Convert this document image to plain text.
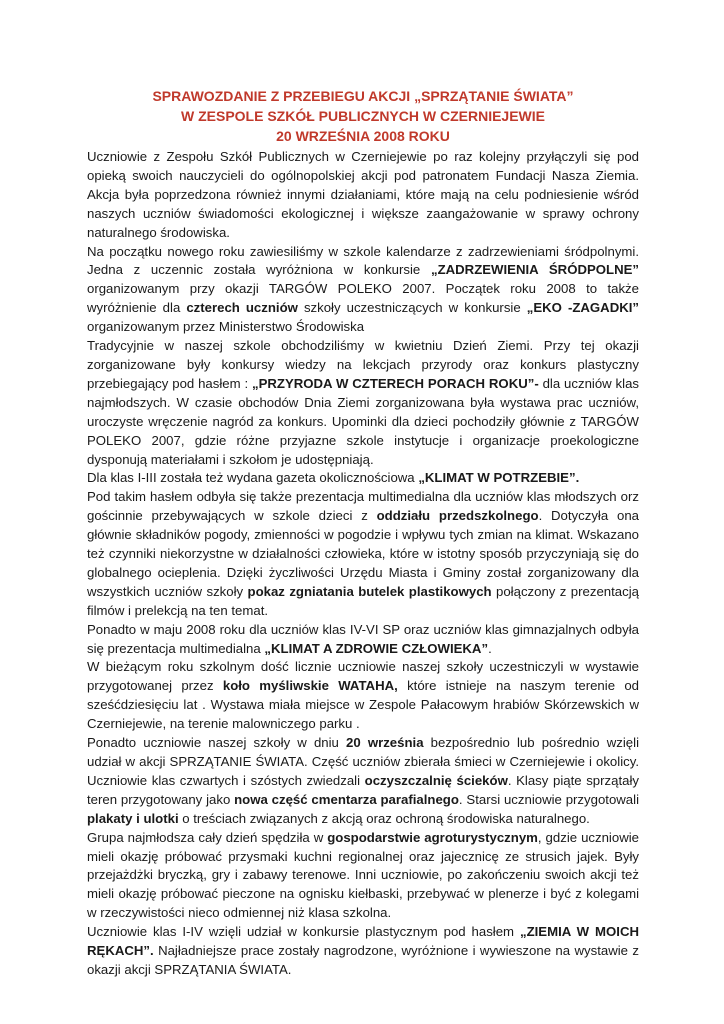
SPRAWOZDANIE Z PRZEBIEGU AKCJI „SPRZĄTANIE ŚWIATA”
W ZESPOLE SZKÓŁ PUBLICZNYCH W CZERNIEJEWIE
20 WRZEŚNIA 2008 ROKU

Uczniowie z Zespołu Szkół Publicznych w Czerniejewie po raz kolejny przyłączyli się pod opieką swoich nauczycieli do ogólnopolskiej akcji pod patronatem Fundacji Nasza Ziemia. Akcja była poprzedzona również innymi działaniami, które mają na celu podniesienie wśród naszych uczniów świadomości ekologicznej i większe zaangażowanie w sprawy ochrony naturalnego środowiska.

Na początku nowego roku zawiesiliśmy w szkole kalendarze z zadrzewieniami śródpolnymi. Jedna z uczennic została wyróżniona w konkursie „ZADRZEWIENIA ŚRÓDPOLNE” organizowanym przy okazji TARGÓW POLEKO 2007. Początek roku 2008 to także wyróżnienie dla czterech uczniów szkoły uczestniczących w konkursie „EKO -ZAGADKI” organizowanym przez Ministerstwo Środowiska

Tradycyjnie w naszej szkole obchodziliśmy w kwietniu Dzień Ziemi. Przy tej okazji zorganizowane były konkursy wiedzy na lekcjach przyrody oraz konkurs plastyczny przebiegający pod hasłem : „PRZYRODA W CZTERECH PORACH ROKU”- dla uczniów klas najmłodszych. W czasie obchodów Dnia Ziemi zorganizowana była wystawa prac uczniów, uroczyste wręczenie nagród za konkurs. Upominki dla dzieci pochodziły głównie z TARGÓW POLEKO 2007, gdzie różne przyjazne szkole instytucje i organizacje proekologiczne dysponują materiałami i szkołom je udostępniają.

Dla klas I-III została też wydana gazeta okolicznościowa „KLIMAT W POTRZEBIE”.

Pod takim hasłem odbyła się także prezentacja multimedialna dla uczniów klas młodszych orz gościnnie przebywających w szkole dzieci z oddziału przedszkolnego. Dotyczyła ona głównie składników pogody, zmienności w pogodzie i wpływu tych zmian na klimat. Wskazano też czynniki niekorzystne w działalności człowieka, które w istotny sposób przyczyniają się do globalnego ocieplenia. Dzięki życzliwości Urzędu Miasta i Gminy został zorganizowany dla wszystkich uczniów szkoły pokaz zgniatania butelek plastikowych połączony z prezentacją filmów i prelekcją na ten temat.

Ponadto w maju 2008 roku dla uczniów klas IV-VI SP oraz uczniów klas gimnazjalnych odbyła się prezentacja multimedialna „KLIMAT A ZDROWIE CZŁOWIEKA”.

W bieżącym roku szkolnym dość licznie uczniowie naszej szkoły uczestniczyli w wystawie przygotowanej przez koło myśliwskie WATAHA, które istnieje na naszym terenie od sześćdziesięciu lat . Wystawa miała miejsce w Zespole Pałacowym hrabiów Skórzewskich w Czerniejewie, na terenie malowniczego parku .

Ponadto uczniowie naszej szkoły w dniu 20 września bezpośrednio lub pośrednio wzięli udział w akcji SPRZĄTANIE ŚWIATA. Część uczniów zbierała śmieci w Czerniejewie i okolicy. Uczniowie klas czwartych i szóstych zwiedzali oczyszczalnię ścieków. Klasy piąte sprzątały teren przygotowany jako nowa część cmentarza parafialnego. Starsi uczniowie przygotowali plakaty i ulotki o treściach związanych z akcją oraz ochroną środowiska naturalnego.

Grupa najmłodsza cały dzień spędziła w gospodarstwie agroturystycznym, gdzie uczniowie mieli okazję próbować przysmaki kuchni regionalnej oraz jajecznicę ze strusich jajek. Były przejażdżki bryczką, gry i zabawy terenowe. Inni uczniowie, po zakończeniu swoich akcji też mieli okazję próbować pieczone na ognisku kiełbaski, przebywać w plenerze i być z kolegami w rzeczywistości nieco odmiennej niż klasa szkolna.

Uczniowie klas I-IV wzięli udział w konkursie plastycznym pod hasłem „ZIEMIA W MOICH RĘKACH”. Najładniejsze prace zostały nagrodzone, wyróżnione i wywieszone na wystawie z okazji akcji SPRZĄTANIA ŚWIATA.
